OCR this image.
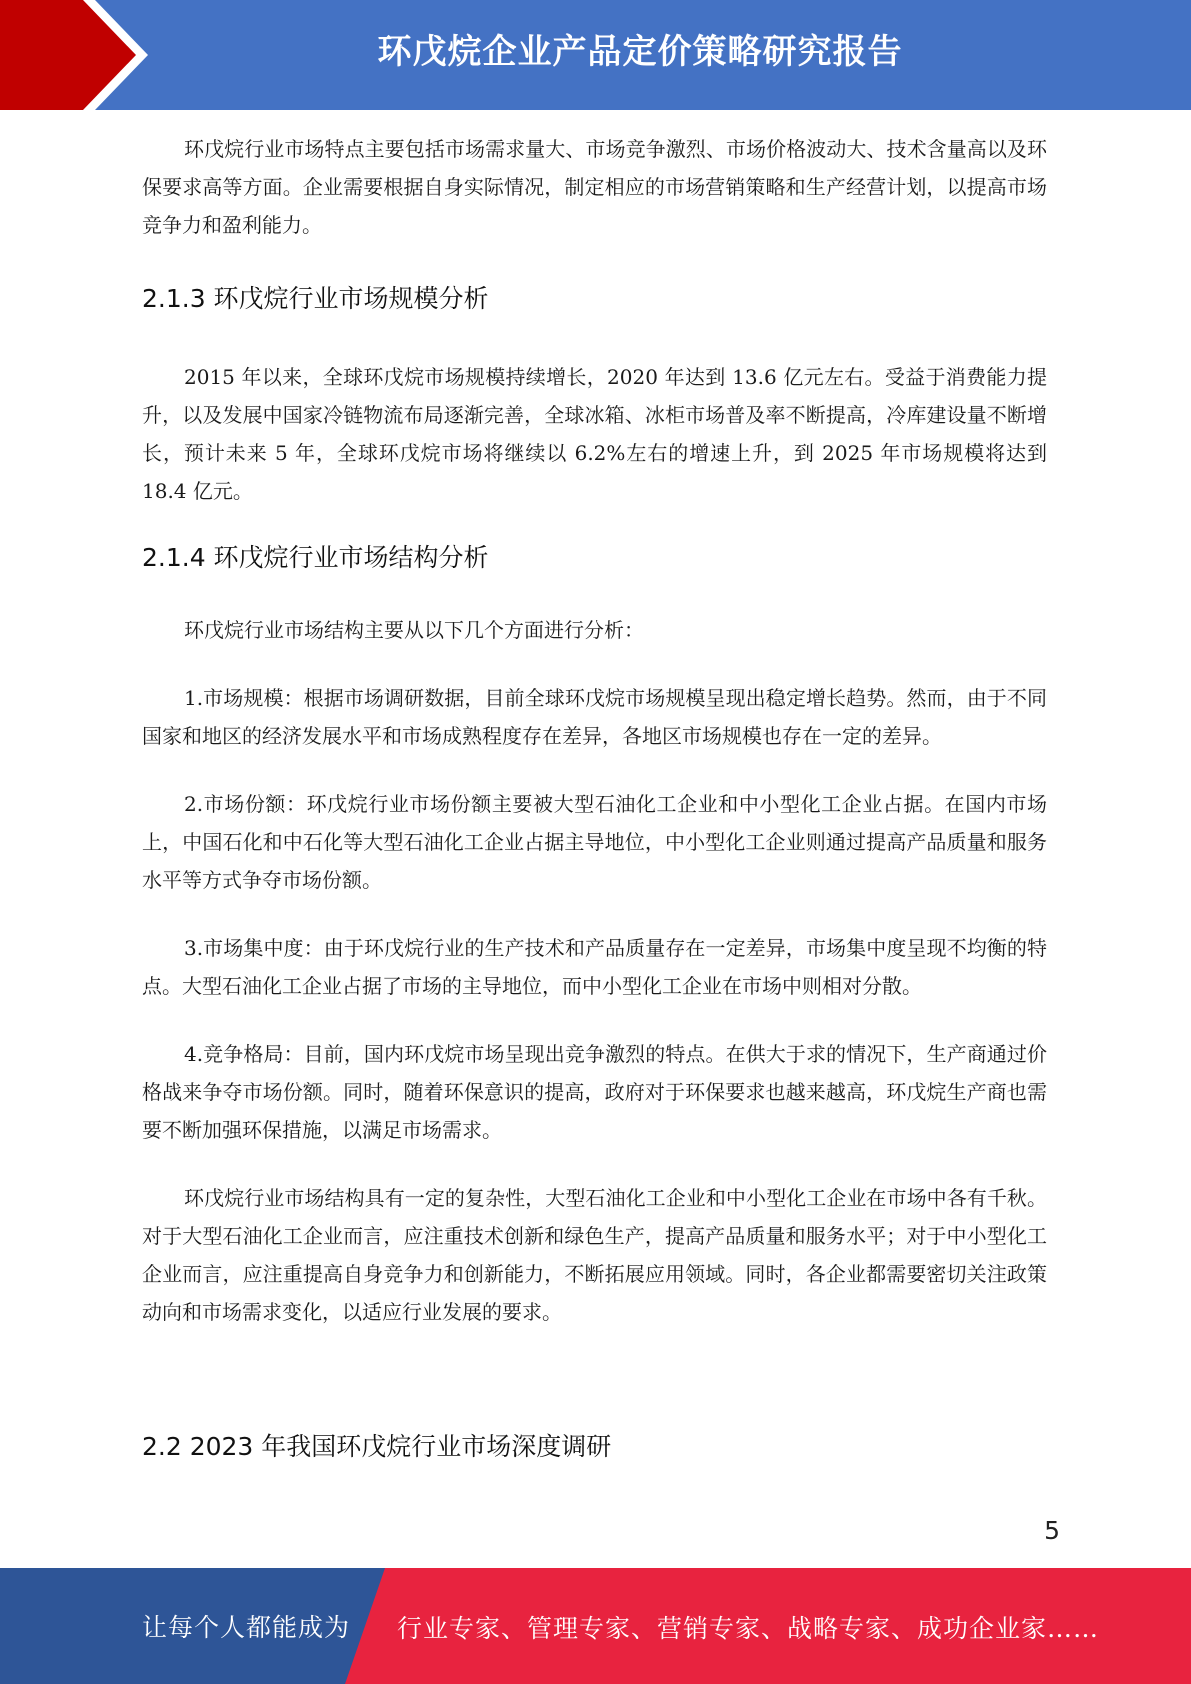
环戊烷企业产品定价策略研究报告

环戊烷行业市场特点主要包括市场需求量大、市场竞争激烈、市场价格波动大、技术含量高以及环保要求高等方面。企业需要根据自身实际情况，制定相应的市场营销策略和生产经营计划，以提高市场竞争力和盈利能力。

2.1.3 环戊烷行业市场规模分析

2015 年以来，全球环戊烷市场规模持续增长，2020 年达到 13.6 亿元左右。受益于消费能力提升，以及发展中国家冷链物流布局逐渐完善，全球冰箱、冰柜市场普及率不断提高，冷库建设量不断增长，预计未来 5 年，全球环戊烷市场将继续以 6.2%左右的增速上升，到 2025 年市场规模将达到 18.4 亿元。

2.1.4 环戊烷行业市场结构分析

环戊烷行业市场结构主要从以下几个方面进行分析：

1.市场规模：根据市场调研数据，目前全球环戊烷市场规模呈现出稳定增长趋势。然而，由于不同国家和地区的经济发展水平和市场成熟程度存在差异，各地区市场规模也存在一定的差异。

2.市场份额：环戊烷行业市场份额主要被大型石油化工企业和中小型化工企业占据。在国内市场上，中国石化和中石化等大型石油化工企业占据主导地位，中小型化工企业则通过提高产品质量和服务水平等方式争夺市场份额。

3.市场集中度：由于环戊烷行业的生产技术和产品质量存在一定差异，市场集中度呈现不均衡的特点。大型石油化工企业占据了市场的主导地位，而中小型化工企业在市场中则相对分散。

4.竞争格局：目前，国内环戊烷市场呈现出竞争激烈的特点。在供大于求的情况下，生产商通过价格战来争夺市场份额。同时，随着环保意识的提高，政府对于环保要求也越来越高，环戊烷生产商也需要不断加强环保措施，以满足市场需求。

环戊烷行业市场结构具有一定的复杂性，大型石油化工企业和中小型化工企业在市场中各有千秋。对于大型石油化工企业而言，应注重技术创新和绿色生产，提高产品质量和服务水平；对于中小型化工企业而言，应注重提高自身竞争力和创新能力，不断拓展应用领域。同时，各企业都需要密切关注政策动向和市场需求变化，以适应行业发展的要求。

2.2 2023 年我国环戊烷行业市场深度调研
5
让每个人都能成为 行业专家、管理专家、营销专家、战略专家、成功企业家……
